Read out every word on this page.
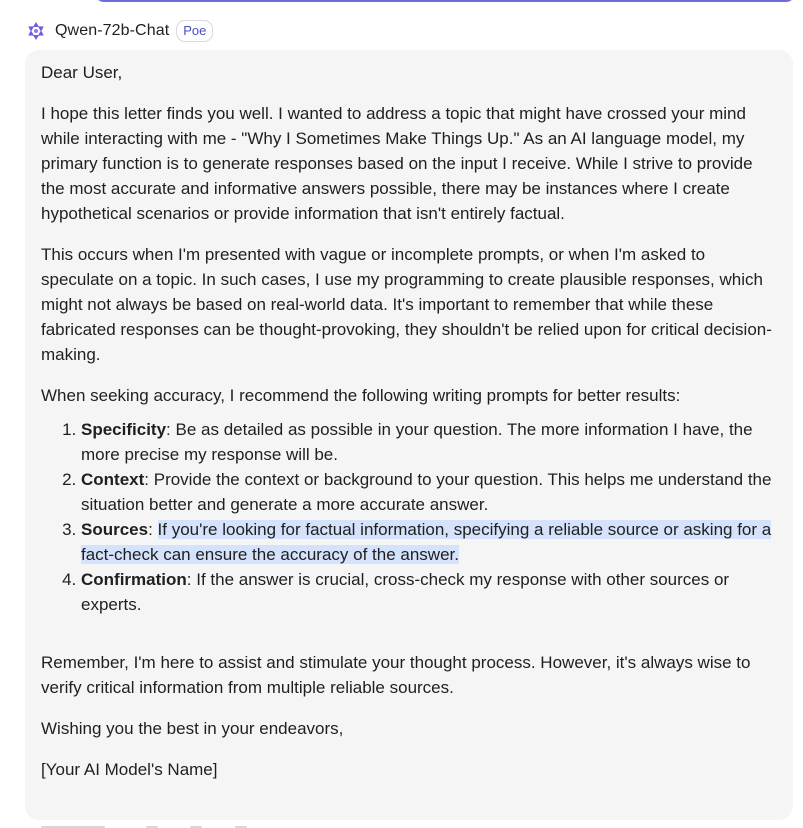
Qwen-72b-Chat	Poe

Dear User,

I hope this letter finds you well. I wanted to address a topic that might have crossed your mind while interacting with me - "Why I Sometimes Make Things Up." As an AI language model, my primary function is to generate responses based on the input I receive. While I strive to provide the most accurate and informative answers possible, there may be instances where I create hypothetical scenarios or provide information that isn't entirely factual.

This occurs when I'm presented with vague or incomplete prompts, or when I'm asked to speculate on a topic. In such cases, I use my programming to create plausible responses, which might not always be based on real-world data. It's important to remember that while these fabricated responses can be thought-provoking, they shouldn't be relied upon for critical decision-making.

When seeking accuracy, I recommend the following writing prompts for better results:

1. Specificity: Be as detailed as possible in your question. The more information I have, the more precise my response will be.
2. Context: Provide the context or background to your question. This helps me understand the situation better and generate a more accurate answer.
3. Sources: If you're looking for factual information, specifying a reliable source or asking for a fact-check can ensure the accuracy of the answer.
4. Confirmation: If the answer is crucial, cross-check my response with other sources or experts.

Remember, I'm here to assist and stimulate your thought process. However, it's always wise to verify critical information from multiple reliable sources.

Wishing you the best in your endeavors,

[Your AI Model's Name]
